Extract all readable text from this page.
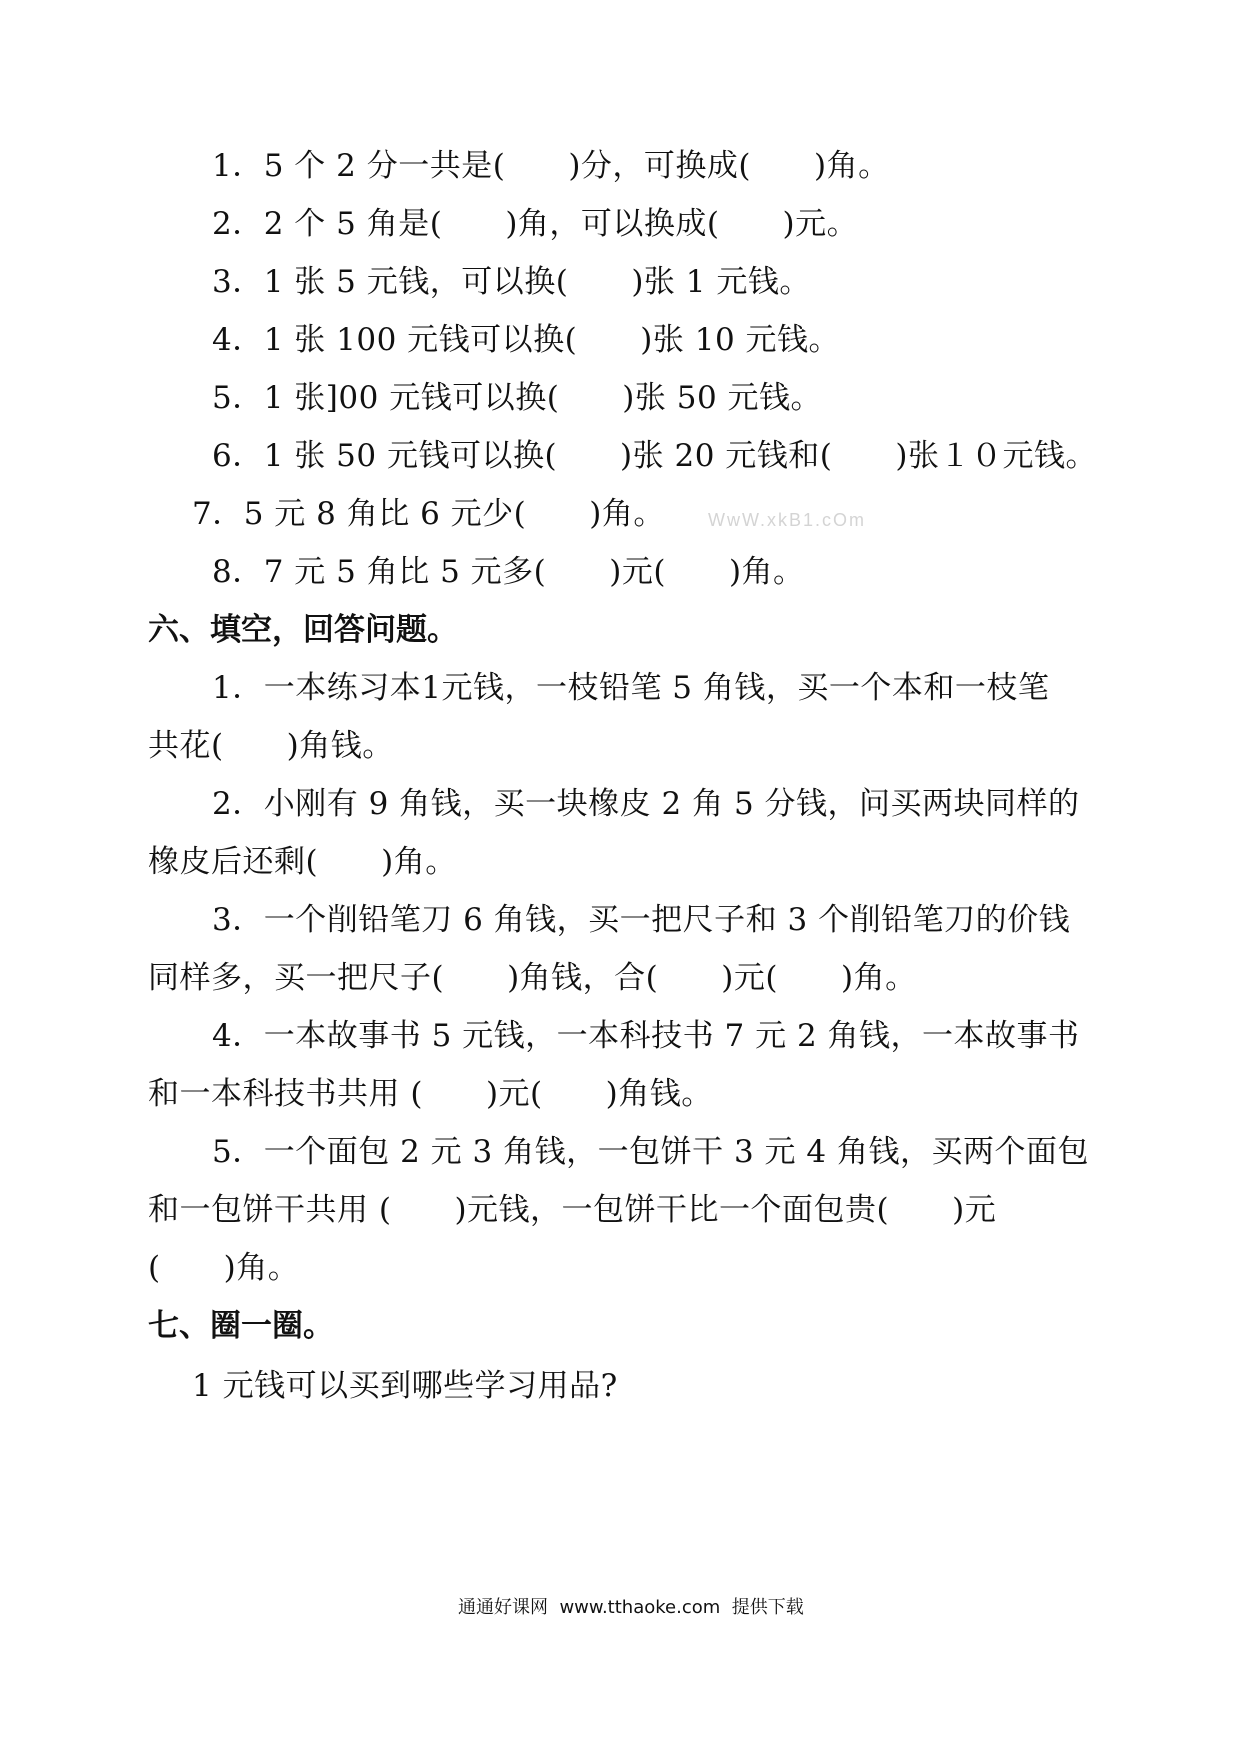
1．5 个 2 分一共是(　　)分，可换成(　　)角。
2．2 个 5 角是(　　)角，可以换成(　　)元。
3．1 张 5 元钱，可以换(　　)张 1 元钱。
4．1 张 100 元钱可以换(　　)张 10 元钱。
5．1 张]00 元钱可以换(　　)张 50 元钱。
6．1 张 50 元钱可以换(　　)张 20 元钱和(　　)张１０元钱。
7．5 元 8 角比 6 元少(　　)角。 WwW.xkB1.cOm
8．7 元 5 角比 5 元多(　　)元(　　)角。
六、填空，回答问题。
1．一本练习本1元钱，一枝铅笔 5 角钱，买一个本和一枝笔
共花(　　)角钱。
2．小刚有 9 角钱，买一块橡皮 2 角 5 分钱，问买两块同样的
橡皮后还剩(　　)角。
3．一个削铅笔刀 6 角钱，买一把尺子和 3 个削铅笔刀的价钱
同样多，买一把尺子(　　)角钱，合(　　)元(　　)角。
4．一本故事书 5 元钱，一本科技书 7 元 2 角钱，一本故事书
和一本科技书共用 (　　)元(　　)角钱。
5．一个面包 2 元 3 角钱，一包饼干 3 元 4 角钱，买两个面包
和一包饼干共用 (　　)元钱，一包饼干比一个面包贵(　　)元
(　　)角。
七、圈一圈。
1 元钱可以买到哪些学习用品?
通通好课网  www.tthaoke.com  提供下载
